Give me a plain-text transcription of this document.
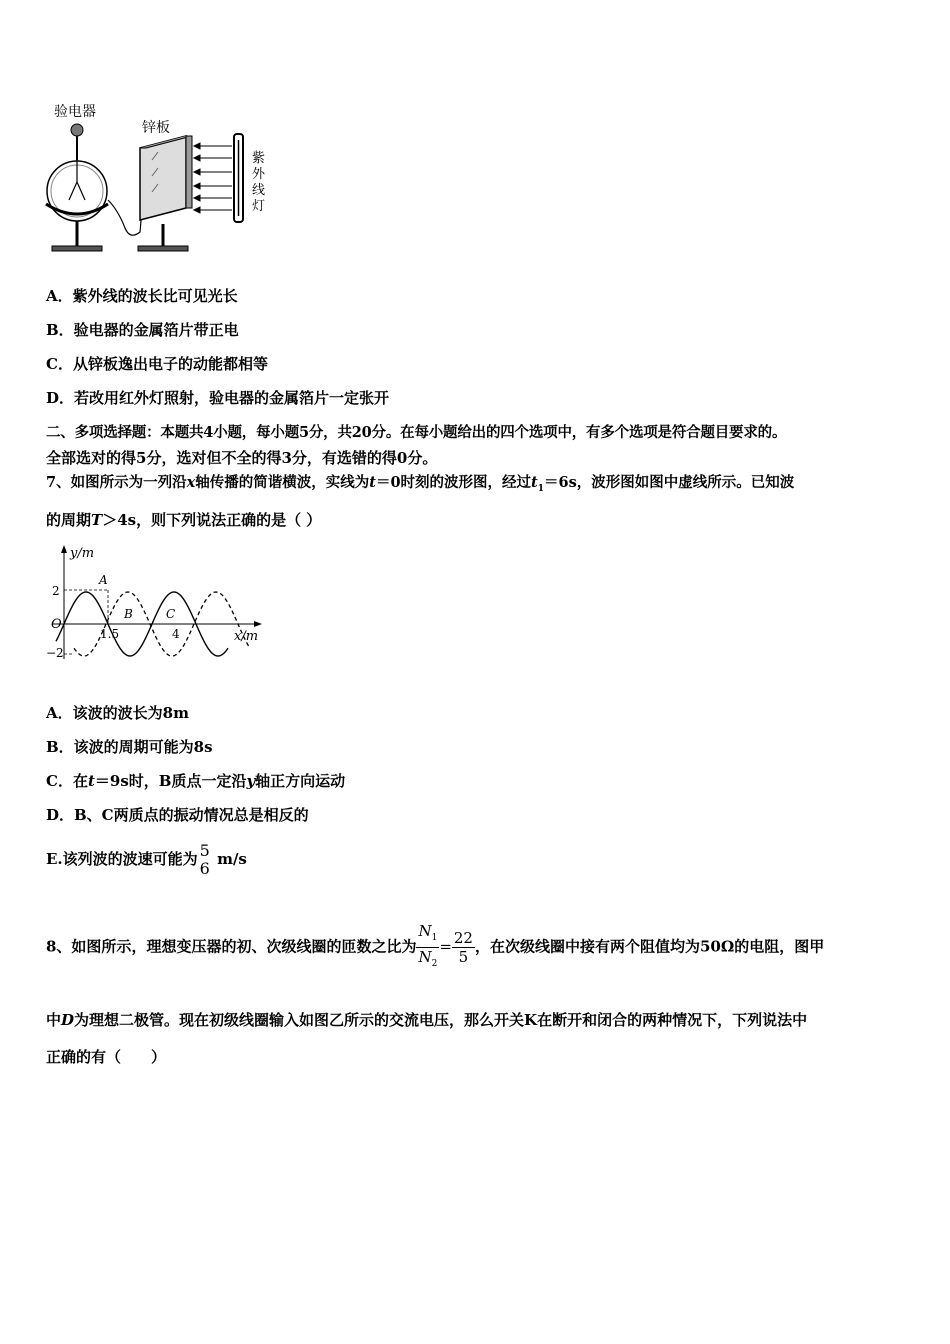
验电器
锌板
紫
外
线
灯
A．紫外线的波长比可见光长
B．验电器的金属箔片带正电
C．从锌板逸出电子的动能都相等
D．若改用红外灯照射，验电器的金属箔片一定张开
二、多项选择题：本题共4小题，每小题5分，共20分。在每小题给出的四个选项中，有多个选项是符合题目要求的。
全部选对的得5分，选对但不全的得3分，有选错的得0分。
7、如图所示为一列沿x轴传播的简谐横波，实线为t＝0时刻的波形图，经过$t_1=6s$，波形图如图中虚线所示。已知波
的周期T＞4s，则下列说法正确的是（ ）
y/m
x/m
O
2
−2
A
B	C
1.5	4
A．该波的波长为8m
B．该波的周期可能为8s
C．在t＝9s时，B质点一定沿y轴正方向运动
D．B、C两质点的振动情况总是相反的
E.该列波的波速可能为 5
6 m/s
8、如图所示，理想变压器的初、次级线圈的匝数之比为 $\frac{N_1}{N_2} = \frac{22}{5}$ ，在次级线圈中接有两个阻值均为50Ω的电阻，图甲
中D为理想二极管。现在初级线圈输入如图乙所示的交流电压，那么开关K在断开和闭合的两种情况下，下列说法中
正确的有（　　）
